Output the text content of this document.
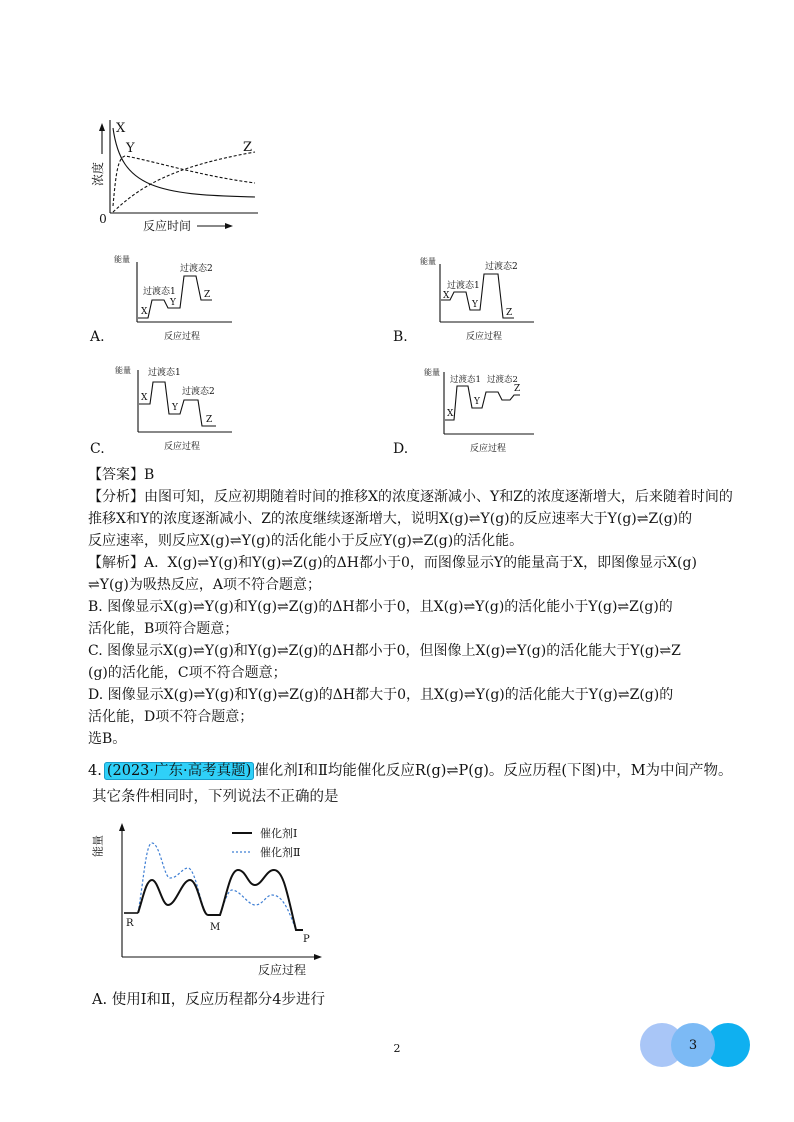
浓度
0	反应时间
X
Y	Z
能量
过渡态1
过渡态2
X
Y
Z
反应过程
A.
能量
过渡态1
过渡态2
X
Y
Z
反应过程
B.
能量 过渡态1
过渡态2
X
Y
Z
反应过程
C.
能量
过渡态1 过渡态2
X
Y
Z
反应过程
D.
【答案】B
【分析】由图可知，反应初期随着时间的推移X的浓度逐渐减小、Y和Z的浓度逐渐增大，后来随着时间的
推移X和Y的浓度逐渐减小、Z的浓度继续逐渐增大，说明X(g)⇌Y(g)的反应速率大于Y(g)⇌Z(g)的
反应速率，则反应X(g)⇌Y(g)的活化能小于反应Y(g)⇌Z(g)的活化能。
【解析】A.  X(g)⇌Y(g)和Y(g)⇌Z(g)的ΔH都小于0，而图像显示Y的能量高于X，即图像显示X(g)
⇌Y(g)为吸热反应，A项不符合题意；
B. 图像显示X(g)⇌Y(g)和Y(g)⇌Z(g)的ΔH都小于0，且X(g)⇌Y(g)的活化能小于Y(g)⇌Z(g)的
活化能，B项符合题意；
C. 图像显示X(g)⇌Y(g)和Y(g)⇌Z(g)的ΔH都小于0，但图像上X(g)⇌Y(g)的活化能大于Y(g)⇌Z
(g)的活化能，C项不符合题意；
D. 图像显示X(g)⇌Y(g)和Y(g)⇌Z(g)的ΔH都大于0，且X(g)⇌Y(g)的活化能大于Y(g)⇌Z(g)的
活化能，D项不符合题意；
选B。
4. (2023·广东·高考真题) 催化剂Ⅰ和Ⅱ均能催化反应R(g)⇌P(g)。反应历程(下图)中，M为中间产物。
其它条件相同时，下列说法不正确的是
能量
反应过程
催化剂Ⅰ
催化剂Ⅱ
R	M
P
A. 使用Ⅰ和Ⅱ，反应历程都分4步进行
2	3
